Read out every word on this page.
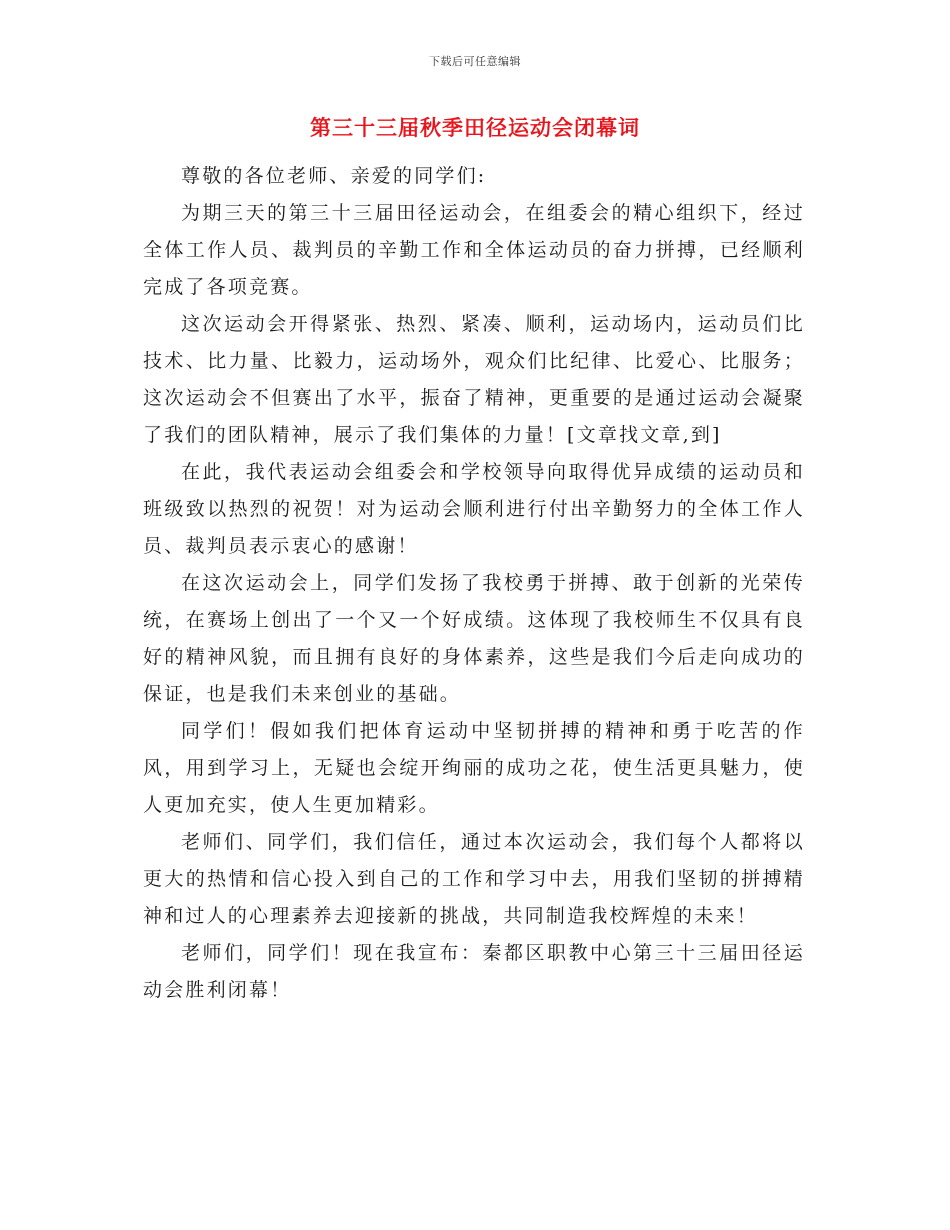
下载后可任意编辑
第三十三届秋季田径运动会闭幕词

尊敬的各位老师、亲爱的同学们:

为期三天的第三十三届田径运动会，在组委会的精心组织下，经过全体工作人员、裁判员的辛勤工作和全体运动员的奋力拼搏，已经顺利完成了各项竞赛。

这次运动会开得紧张、热烈、紧凑、顺利，运动场内，运动员们比技术、比力量、比毅力，运动场外，观众们比纪律、比爱心、比服务；这次运动会不但赛出了水平，振奋了精神，更重要的是通过运动会凝聚了我们的团队精神，展示了我们集体的力量！[文章找文章,到]

在此，我代表运动会组委会和学校领导向取得优异成绩的运动员和班级致以热烈的祝贺！对为运动会顺利进行付出辛勤努力的全体工作人员、裁判员表示衷心的感谢！

在这次运动会上，同学们发扬了我校勇于拼搏、敢于创新的光荣传统，在赛场上创出了一个又一个好成绩。这体现了我校师生不仅具有良好的精神风貌，而且拥有良好的身体素养，这些是我们今后走向成功的保证，也是我们未来创业的基础。

同学们！假如我们把体育运动中坚韧拼搏的精神和勇于吃苦的作风，用到学习上，无疑也会绽开绚丽的成功之花，使生活更具魅力，使人更加充实，使人生更加精彩。

老师们、同学们，我们信任，通过本次运动会，我们每个人都将以更大的热情和信心投入到自己的工作和学习中去，用我们坚韧的拼搏精神和过人的心理素养去迎接新的挑战，共同制造我校辉煌的未来！

老师们，同学们！现在我宣布：秦都区职教中心第三十三届田径运动会胜利闭幕！
